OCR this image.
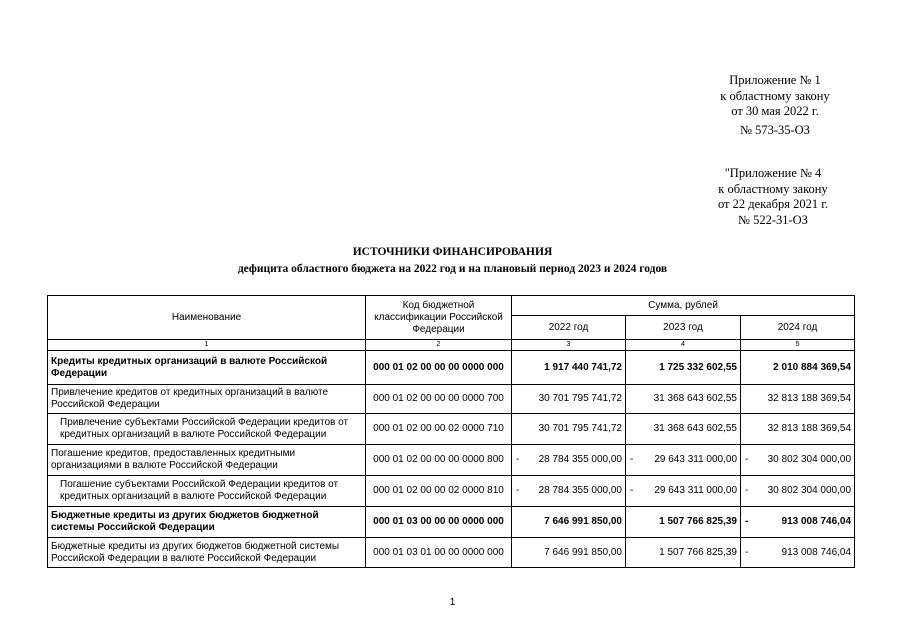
Приложение № 1
к областному закону
от 30 мая 2022 г.
№ 573-35-ОЗ
"Приложение № 4
к областному закону
от 22 декабря 2021 г.
№ 522-31-ОЗ
ИСТОЧНИКИ ФИНАНСИРОВАНИЯ
дефицита областного бюджета на 2022 год и на плановый период 2023 и 2024 годов
Наименование	Код бюджетной классификации Российской Федерации	Сумма, рублей		
		2022 год	2023 год	2024 год
1	2	3	4	5
Кредиты кредитных организаций в валюте Российской Федерации	000 01 02 00 00 00 0000 000	1 917 440 741,72	1 725 332 602,55	2 010 884 369,54
Привлечение кредитов от кредитных организаций в валюте Российской Федерации	000 01 02 00 00 00 0000 700	30 701 795 741,72	31 368 643 602,55	32 813 188 369,54
Привлечение субъектами Российской Федерации кредитов от кредитных организаций в валюте Российской Федерации	000 01 02 00 00 02 0000 710	30 701 795 741,72	31 368 643 602,55	32 813 188 369,54
Погашение кредитов, предоставленных кредитными организациями в валюте Российской Федерации	000 01 02 00 00 00 0000 800	- 28 784 355 000,00	- 29 643 311 000,00	- 30 802 304 000,00
Погашение субъектами Российской Федерации кредитов от кредитных организаций в валюте Российской Федерации	000 01 02 00 00 02 0000 810	- 28 784 355 000,00	- 29 643 311 000,00	- 30 802 304 000,00
Бюджетные кредиты из других бюджетов бюджетной системы Российской Федерации	000 01 03 00 00 00 0000 000	7 646 991 850,00	1 507 766 825,39	- 913 008 746,04
Бюджетные кредиты из других бюджетов бюджетной системы Российской Федерации в валюте Российской Федерации	000 01 03 01 00 00 0000 000	7 646 991 850,00	1 507 766 825,39	- 913 008 746,04
1
